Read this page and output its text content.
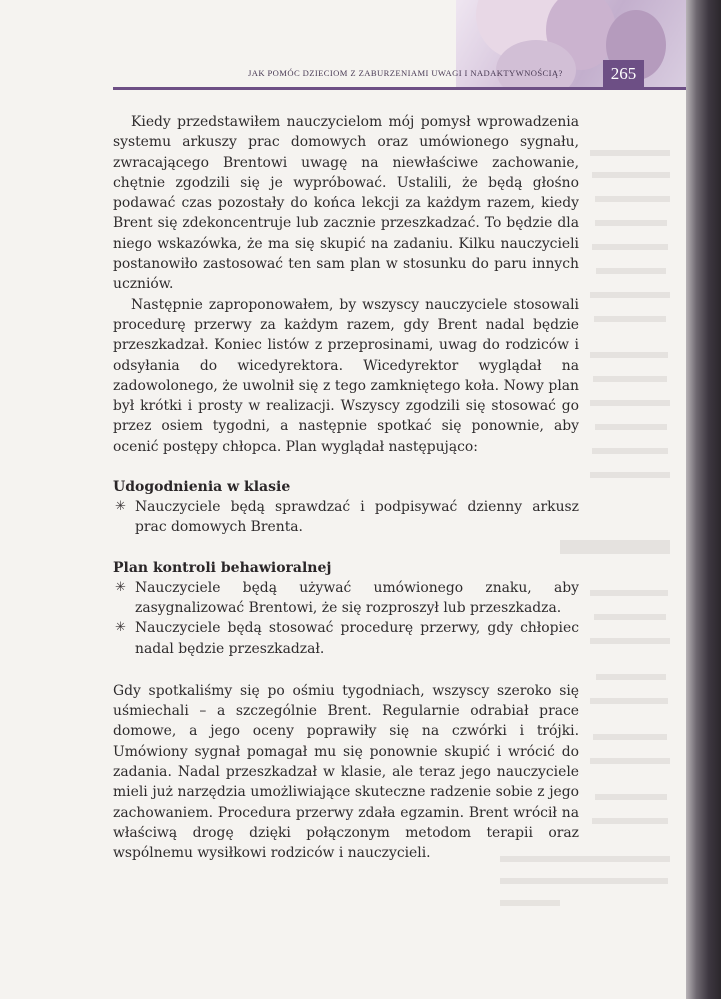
JAK POMÓC DZIECIOM Z ZABURZENIAMI UWAGI I NADAKTYWNOŚCIĄ?	265

Kiedy przedstawiłem nauczycielom mój pomysł wprowadzenia systemu arkuszy prac domowych oraz umówionego sygnału, zwracającego Brentowi uwagę na niewłaściwe zachowanie, chętnie zgodzili się je wypróbować. Ustalili, że będą głośno podawać czas pozostały do końca lekcji za każdym razem, kiedy Brent się zdekoncentruje lub zacznie przeszkadzać. To będzie dla niego wskazówka, że ma się skupić na zadaniu. Kilku nauczycieli postanowiło zastosować ten sam plan w stosunku do paru innych uczniów.

Następnie zaproponowałem, by wszyscy nauczyciele stosowali procedurę przerwy za każdym razem, gdy Brent nadal będzie przeszkadzał. Koniec listów z przeprosinami, uwag do rodziców i odsyłania do wicedyrektora. Wicedyrektor wyglądał na zadowolonego, że uwolnił się z tego zamkniętego koła. Nowy plan był krótki i prosty w realizacji. Wszyscy zgodzili się stosować go przez osiem tygodni, a następnie spotkać się ponownie, aby ocenić postępy chłopca. Plan wyglądał następująco:

Udogodnienia w klasie
✳ Nauczyciele będą sprawdzać i podpisywać dzienny arkusz prac domowych Brenta.
Plan kontroli behawioralnej
✳ Nauczyciele będą używać umówionego znaku, aby zasygnalizować Brentowi, że się rozproszył lub przeszkadza.
✳ Nauczyciele będą stosować procedurę przerwy, gdy chłopiec nadal będzie przeszkadzał.

Gdy spotkaliśmy się po ośmiu tygodniach, wszyscy szeroko się uśmiechali – a szczególnie Brent. Regularnie odrabiał prace domowe, a jego oceny poprawiły się na czwórki i trójki. Umówiony sygnał pomagał mu się ponownie skupić i wrócić do zadania. Nadal przeszkadzał w klasie, ale teraz jego nauczyciele mieli już narzędzia umożliwiające skuteczne radzenie sobie z jego zachowaniem. Procedura przerwy zdała egzamin. Brent wrócił na właściwą drogę dzięki połączonym metodom terapii oraz wspólnemu wysiłkowi rodziców i nauczycieli.
